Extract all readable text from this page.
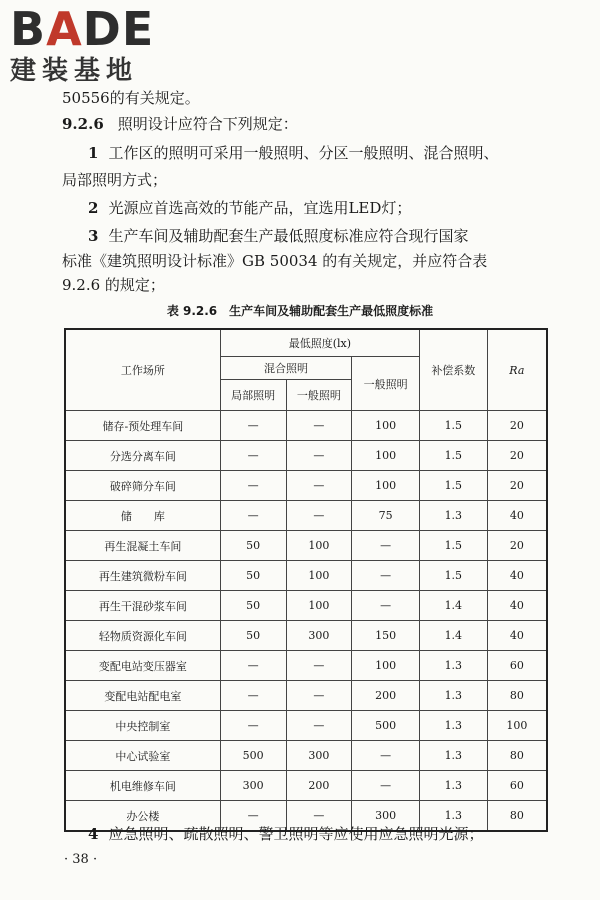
BADE
建装基地
50556的有关规定。
9.2.6 照明设计应符合下列规定：
1 工作区的照明可采用一般照明、分区一般照明、混合照明、
局部照明方式；
2 光源应首选高效的节能产品，宜选用LED灯；
3 生产车间及辅助配套生产最低照度标准应符合现行国家
标准《建筑照明设计标准》GB 50034 的有关规定，并应符合表
9.2.6 的规定；
表 9.2.6　生产车间及辅助配套生产最低照度标准
工作场所	最低照度(lx)			补偿系数	Ra
	混合照明		一般照明		
	局部照明	一般照明			
储存-预处理车间	—	—	100	1.5	20
分选分离车间	—	—	100	1.5	20
破碎筛分车间	—	—	100	1.5	20
储　　库	—	—	75	1.3	40
再生混凝土车间	50	100	—	1.5	20
再生建筑微粉车间	50	100	—	1.5	40
再生干混砂浆车间	50	100	—	1.4	40
轻物质资源化车间	50	300	150	1.4	40
变配电站变压器室	—	—	100	1.3	60
变配电站配电室	—	—	200	1.3	80
中央控制室	—	—	500	1.3	100
中心试验室	500	300	—	1.3	80
机电维修车间	300	200	—	1.3	60
办公楼	—	—	300	1.3	80
· 38 ·
4 应急照明、疏散照明、警卫照明等应使用应急照明光源；
